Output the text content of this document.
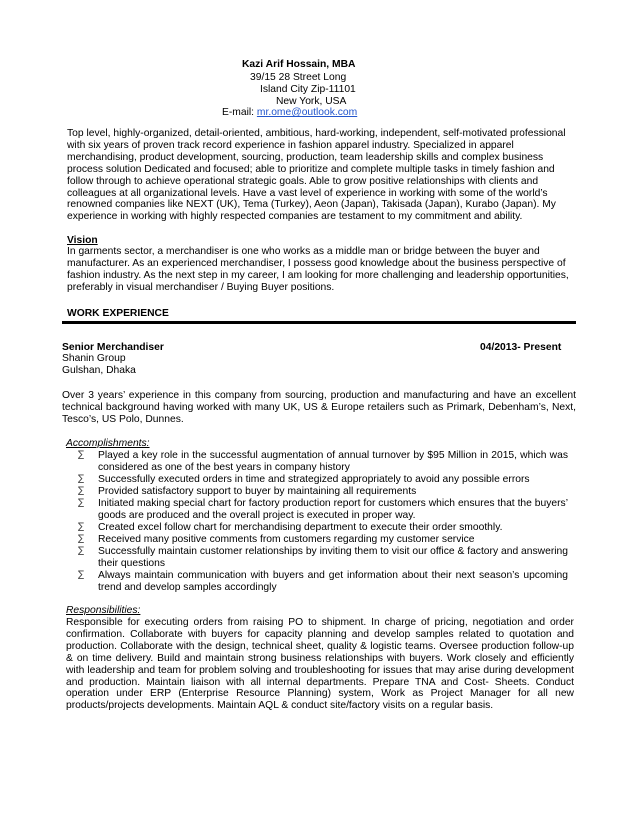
Kazi Arif Hossain, MBA
39/15 28 Street Long
Island City Zip-11101
New York, USA
E-mail: mr.ome@outlook.com
Top level, highly-organized, detail-oriented, ambitious, hard-working, independent, self-motivated professional with six years of proven track record experience in fashion apparel industry. Specialized in apparel merchandising, product development, sourcing, production, team leadership skills and complex business process solution Dedicated and focused; able to prioritize and complete multiple tasks in timely fashion and follow through to achieve operational strategic goals. Able to grow positive relationships with clients and colleagues at all organizational levels. Have a vast level of experience in working with some of the world’s renowned companies like NEXT (UK), Tema (Turkey), Aeon (Japan), Takisada (Japan), Kurabo (Japan). My experience in working with highly respected companies are testament to my commitment and ability.
Vision
In garments sector, a merchandiser is one who works as a middle man or bridge between the buyer and manufacturer. As an experienced merchandiser, I possess good knowledge about the business perspective of fashion industry. As the next step in my career, I am looking for more challenging and leadership opportunities, preferably in visual merchandiser / Buying Buyer positions.
WORK EXPERIENCE
Senior Merchandiser	04/2013- Present
Shanin Group
Gulshan, Dhaka
Over 3 years’ experience in this company from sourcing, production and manufacturing and have an excellent technical background having worked with many UK, US & Europe retailers such as Primark, Debenham’s, Next, Tesco’s, US Polo, Dunnes.
Accomplishments:
∑ Played a key role in the successful augmentation of annual turnover by $95 Million in 2015, which was considered as one of the best years in company history
∑ Successfully executed orders in time and strategized appropriately to avoid any possible errors
∑ Provided satisfactory support to buyer by maintaining all requirements
∑ Initiated making special chart for factory production report for customers which ensures that the buyers’ goods are produced and the overall project is executed in proper way.
∑ Created excel follow chart for merchandising department to execute their order smoothly.
∑ Received many positive comments from customers regarding my customer service
∑ Successfully maintain customer relationships by inviting them to visit our office & factory and answering their questions
∑ Always maintain communication with buyers and get information about their next season’s upcoming trend and develop samples accordingly
Responsibilities:
Responsible for executing orders from raising PO to shipment. In charge of pricing, negotiation and order confirmation. Collaborate with buyers for capacity planning and develop samples related to quotation and production. Collaborate with the design, technical sheet, quality & logistic teams. Oversee production follow-up & on time delivery. Build and maintain strong business relationships with buyers. Work closely and efficiently with leadership and team for problem solving and troubleshooting for issues that may arise during development and production. Maintain liaison with all internal departments. Prepare TNA and Cost- Sheets. Conduct operation under ERP (Enterprise Resource Planning) system, Work as Project Manager for all new products/projects developments. Maintain AQL & conduct site/factory visits on a regular basis.
